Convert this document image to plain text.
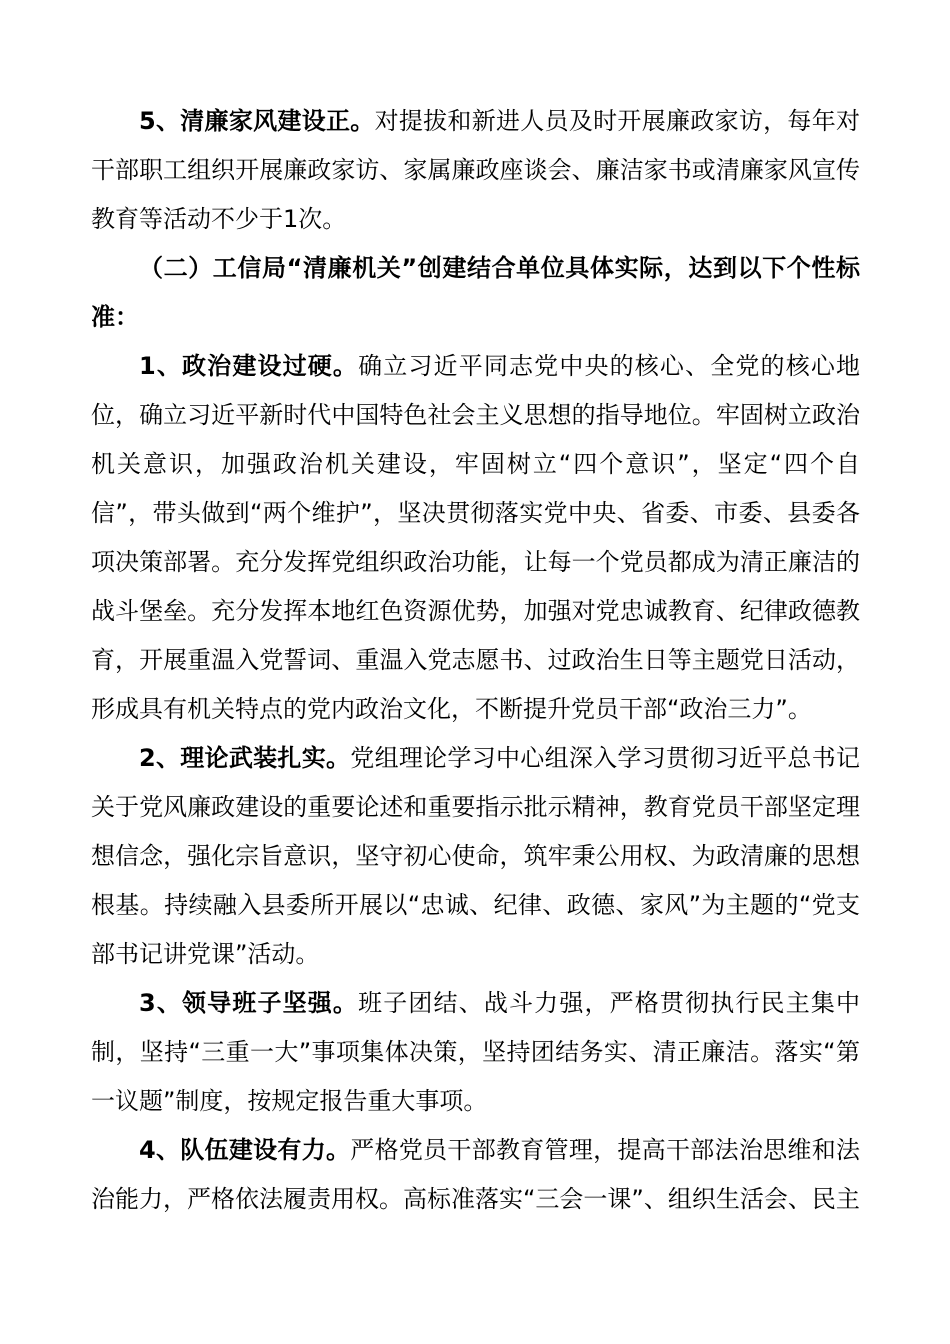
5、清廉家风建设正。对提拔和新进人员及时开展廉政家访，每年对干部职工组织开展廉政家访、家属廉政座谈会、廉洁家书或清廉家风宣传教育等活动不少于1次。

（二）工信局“清廉机关”创建结合单位具体实际，达到以下个性标准：

1、政治建设过硬。确立习近平同志党中央的核心、全党的核心地位，确立习近平新时代中国特色社会主义思想的指导地位。牢固树立政治机关意识，加强政治机关建设，牢固树立“四个意识”，坚定“四个自信”，带头做到“两个维护”，坚决贯彻落实党中央、省委、市委、县委各项决策部署。充分发挥党组织政治功能，让每一个党员都成为清正廉洁的战斗堡垒。充分发挥本地红色资源优势，加强对党忠诚教育、纪律政德教育，开展重温入党誓词、重温入党志愿书、过政治生日等主题党日活动，形成具有机关特点的党内政治文化，不断提升党员干部“政治三力”。

2、理论武装扎实。党组理论学习中心组深入学习贯彻习近平总书记关于党风廉政建设的重要论述和重要指示批示精神，教育党员干部坚定理想信念，强化宗旨意识，坚守初心使命，筑牢秉公用权、为政清廉的思想根基。持续融入县委所开展以“忠诚、纪律、政德、家风”为主题的“党支部书记讲党课”活动。

3、领导班子坚强。班子团结、战斗力强，严格贯彻执行民主集中制，坚持“三重一大”事项集体决策，坚持团结务实、清正廉洁。落实“第一议题”制度，按规定报告重大事项。

4、队伍建设有力。严格党员干部教育管理，提高干部法治思维和法治能力，严格依法履责用权。高标准落实“三会一课”、组织生活会、民主
